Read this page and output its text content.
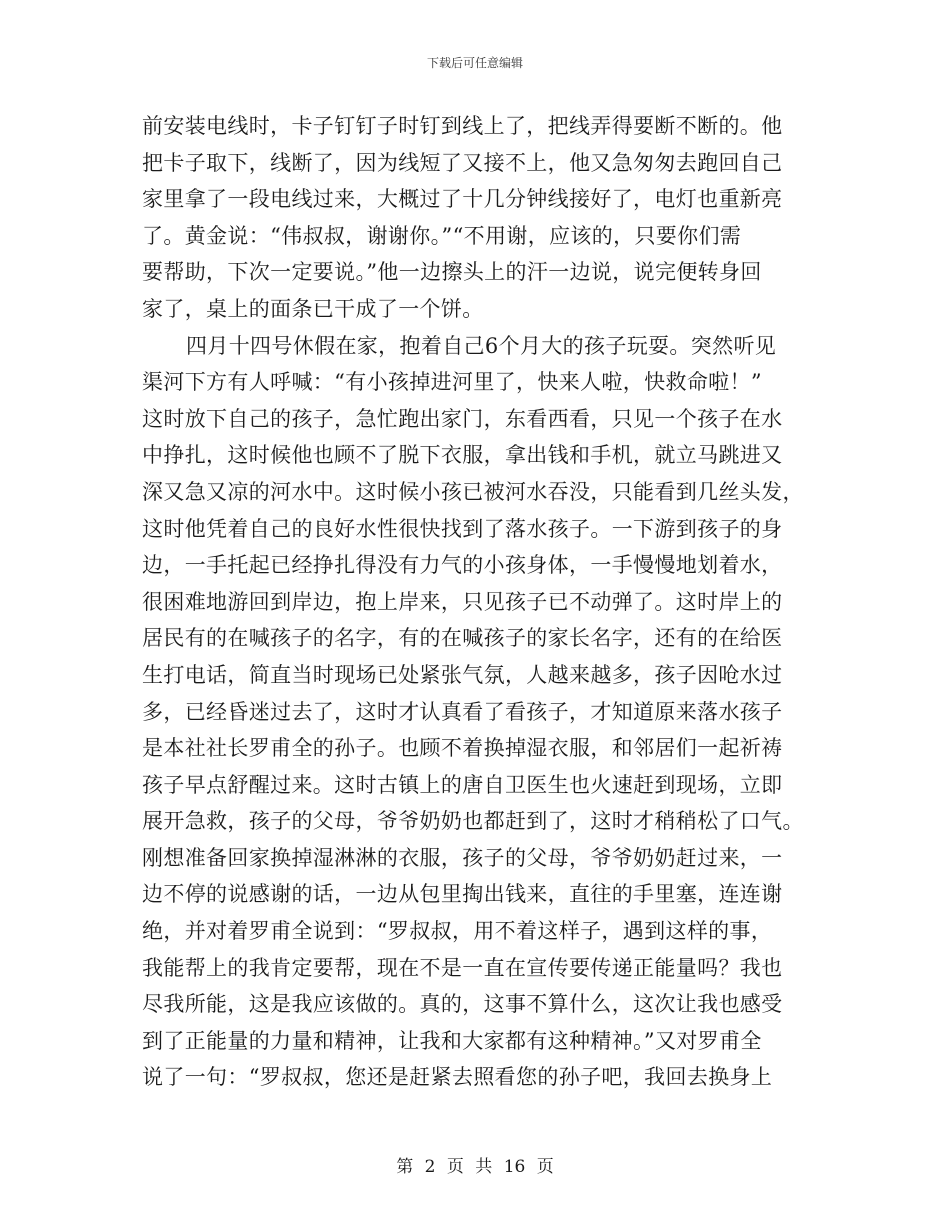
下载后可任意编辑
前安装电线时，卡子钉钉子时钉到线上了，把线弄得要断不断的。他
把卡子取下，线断了，因为线短了又接不上，他又急匆匆去跑回自己
家里拿了一段电线过来，大概过了十几分钟线接好了，电灯也重新亮
了。黄金说：“伟叔叔，谢谢你。”“不用谢，应该的，只要你们需
要帮助，下次一定要说。”他一边擦头上的汗一边说，说完便转身回
家了，桌上的面条已干成了一个饼。
四月十四号休假在家，抱着自己6个月大的孩子玩耍。突然听见
渠河下方有人呼喊：“有小孩掉进河里了，快来人啦，快救命啦！”
这时放下自己的孩子，急忙跑出家门，东看西看，只见一个孩子在水
中挣扎，这时候他也顾不了脱下衣服，拿出钱和手机，就立马跳进又
深又急又凉的河水中。这时候小孩已被河水吞没，只能看到几丝头发，
这时他凭着自己的良好水性很快找到了落水孩子。一下游到孩子的身
边，一手托起已经挣扎得没有力气的小孩身体，一手慢慢地划着水，
很困难地游回到岸边，抱上岸来，只见孩子已不动弹了。这时岸上的
居民有的在喊孩子的名字，有的在喊孩子的家长名字，还有的在给医
生打电话，简直当时现场已处紧张气氛，人越来越多，孩子因呛水过
多，已经昏迷过去了，这时才认真看了看孩子，才知道原来落水孩子
是本社社长罗甫全的孙子。也顾不着换掉湿衣服，和邻居们一起祈祷
孩子早点舒醒过来。这时古镇上的唐自卫医生也火速赶到现场，立即
展开急救，孩子的父母，爷爷奶奶也都赶到了，这时才稍稍松了口气。
刚想准备回家换掉湿淋淋的衣服，孩子的父母，爷爷奶奶赶过来，一
边不停的说感谢的话，一边从包里掏出钱来，直往的手里塞，连连谢
绝，并对着罗甫全说到：“罗叔叔，用不着这样子，遇到这样的事，
我能帮上的我肯定要帮，现在不是一直在宣传要传递正能量吗？我也
尽我所能，这是我应该做的。真的，这事不算什么，这次让我也感受
到了正能量的力量和精神，让我和大家都有这种精神。”又对罗甫全
说了一句：“罗叔叔，您还是赶紧去照看您的孙子吧，我回去换身上
第 2 页 共 16 页
